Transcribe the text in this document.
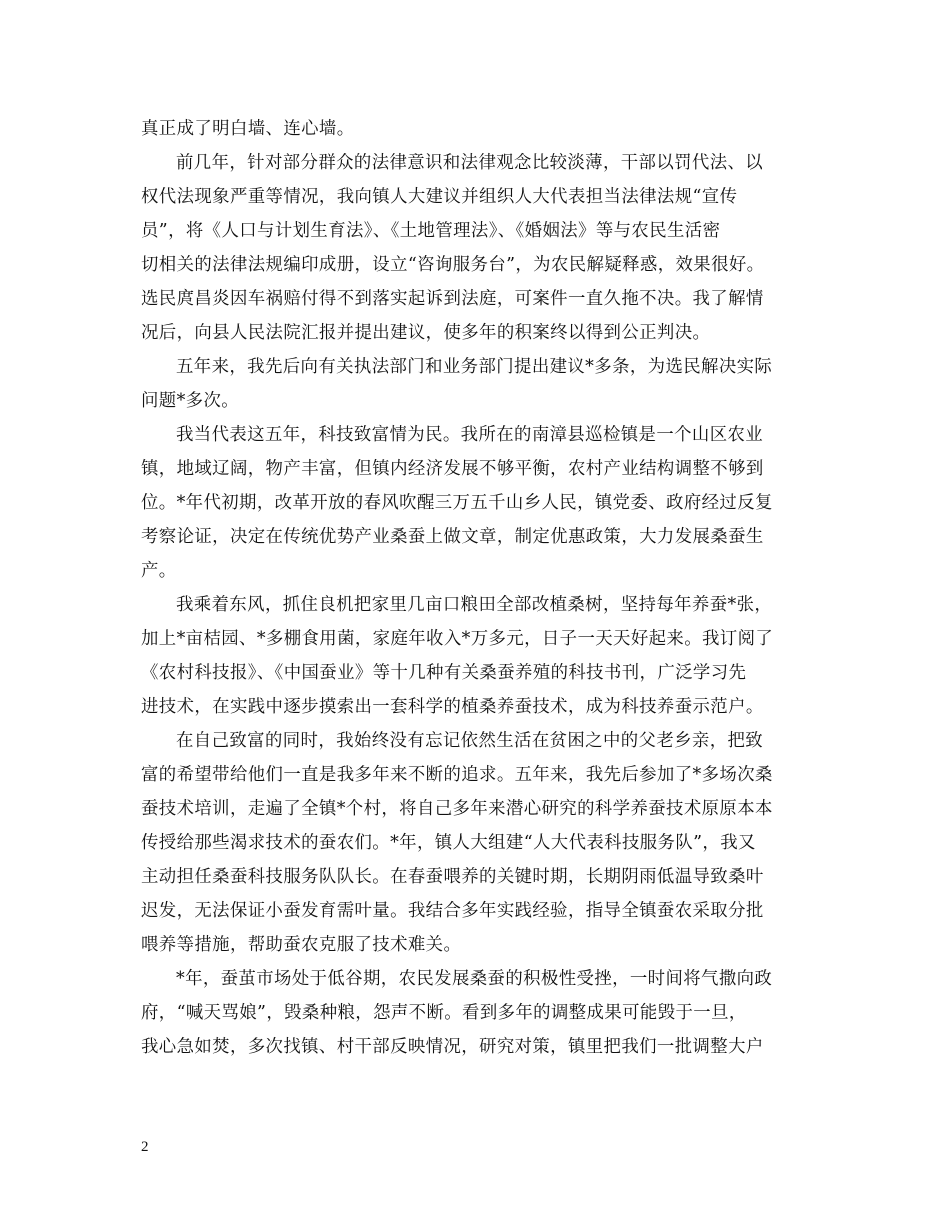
真正成了明白墙、连心墙。
前几年，针对部分群众的法律意识和法律观念比较淡薄，干部以罚代法、以
权代法现象严重等情况，我向镇人大建议并组织人大代表担当法律法规“宣传
员”，将《人口与计划生育法》、《土地管理法》、《婚姻法》等与农民生活密
切相关的法律法规编印成册，设立“咨询服务台”，为农民解疑释惑，效果很好。
选民庹昌炎因车祸赔付得不到落实起诉到法庭，可案件一直久拖不决。我了解情
况后，向县人民法院汇报并提出建议，使多年的积案终以得到公正判决。
五年来，我先后向有关执法部门和业务部门提出建议*多条，为选民解决实际
问题*多次。
我当代表这五年，科技致富情为民。我所在的南漳县巡检镇是一个山区农业
镇，地域辽阔，物产丰富，但镇内经济发展不够平衡，农村产业结构调整不够到
位。*年代初期，改革开放的春风吹醒三万五千山乡人民，镇党委、政府经过反复
考察论证，决定在传统优势产业桑蚕上做文章，制定优惠政策，大力发展桑蚕生
产。
我乘着东风，抓住良机把家里几亩口粮田全部改植桑树，坚持每年养蚕*张，
加上*亩桔园、*多棚食用菌，家庭年收入*万多元，日子一天天好起来。我订阅了
《农村科技报》、《中国蚕业》等十几种有关桑蚕养殖的科技书刊，广泛学习先
进技术，在实践中逐步摸索出一套科学的植桑养蚕技术，成为科技养蚕示范户。
在自己致富的同时，我始终没有忘记依然生活在贫困之中的父老乡亲，把致
富的希望带给他们一直是我多年来不断的追求。五年来，我先后参加了*多场次桑
蚕技术培训，走遍了全镇*个村，将自己多年来潜心研究的科学养蚕技术原原本本
传授给那些渴求技术的蚕农们。*年，镇人大组建“人大代表科技服务队”，我又
主动担任桑蚕科技服务队队长。在春蚕喂养的关键时期，长期阴雨低温导致桑叶
迟发，无法保证小蚕发育需叶量。我结合多年实践经验，指导全镇蚕农采取分批
喂养等措施，帮助蚕农克服了技术难关。
*年，蚕茧市场处于低谷期，农民发展桑蚕的积极性受挫，一时间将气撒向政
府，“喊天骂娘”，毁桑种粮，怨声不断。看到多年的调整成果可能毁于一旦，
我心急如焚，多次找镇、村干部反映情况，研究对策，镇里把我们一批调整大户
2
